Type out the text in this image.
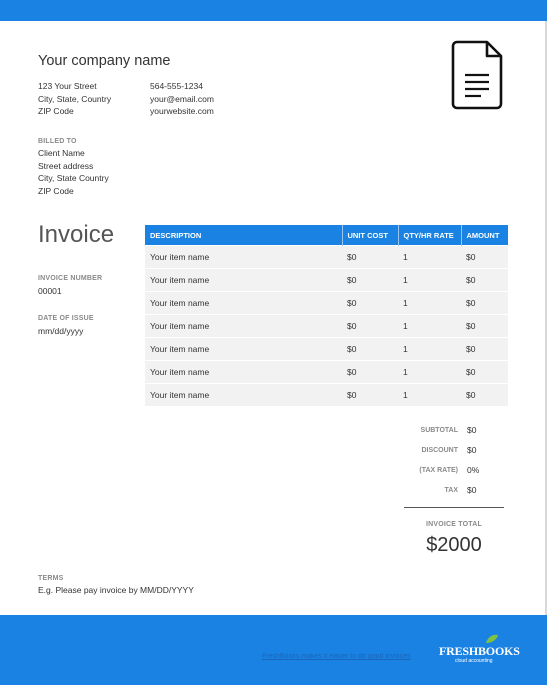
Your company name
123 Your Street
City, State, Country
ZIP Code
564-555-1234
your@email.com
yourwebsite.com
BILLED TO
Client Name
Street address
City, State Country
ZIP Code
Invoice
INVOICE NUMBER
00001
DATE OF ISSUE
mm/dd/yyyy
DESCRIPTION	UNIT COST	QTY/HR RATE	AMOUNT
Your item name	$0	1	$0
Your item name	$0	1	$0
Your item name	$0	1	$0
Your item name	$0	1	$0
Your item name	$0	1	$0
Your item name	$0	1	$0
Your item name	$0	1	$0
SUBTOTAL $0
DISCOUNT $0
(TAX RATE) 0%
TAX $0
INVOICE TOTAL
$2000
TERMS
E.g. Please pay invoice by MM/DD/YYYY
FreshBooks makes it easier to do good invoices FRESHBOOKS
cloud accounting
